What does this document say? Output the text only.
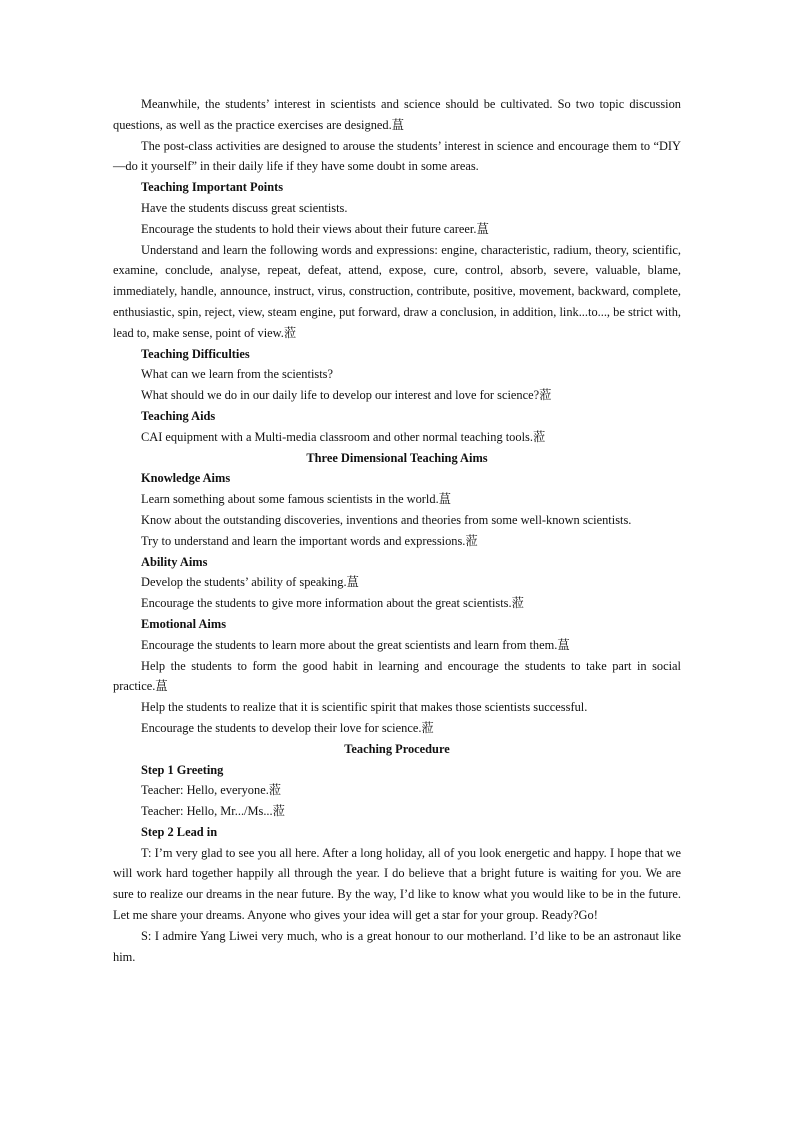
Meanwhile, the students’ interest in scientists and science should be cultivated. So two topic discussion questions, as well as the practice exercises are designed.蒀

The post-class activities are designed to arouse the students’ interest in science and encourage them to “DIY—do it yourself” in their daily life if they have some doubt in some areas.

Teaching Important Points

Have the students discuss great scientists.

Encourage the students to hold their views about their future career.蒀

Understand and learn the following words and expressions: engine, characteristic, radium, theory, scientific, examine, conclude, analyse, repeat, defeat, attend, expose, cure, control, absorb, severe, valuable, blame, immediately, handle, announce, instruct, virus, construction, contribute, positive, movement, backward, complete, enthusiastic, spin, reject, view, steam engine, put forward, draw a conclusion, in addition, link...to..., be strict with, lead to, make sense, point of view.蒞

Teaching Difficulties

What can we learn from the scientists?

What should we do in our daily life to develop our interest and love for science?蒞

Teaching Aids

CAI equipment with a Multi-media classroom and other normal teaching tools.蒞

Three Dimensional Teaching Aims

Knowledge Aims

Learn something about some famous scientists in the world.蒀

Know about the outstanding discoveries, inventions and theories from some well-known scientists.

Try to understand and learn the important words and expressions.蒞

Ability Aims

Develop the students’ ability of speaking.蒀

Encourage the students to give more information about the great scientists.蒞

Emotional Aims

Encourage the students to learn more about the great scientists and learn from them.蒀

Help the students to form the good habit in learning and encourage the students to take part in social practice.蒀

Help the students to realize that it is scientific spirit that makes those scientists successful.

Encourage the students to develop their love for science.蒞

Teaching Procedure

Step 1 Greeting

Teacher: Hello, everyone.蒞

Teacher: Hello, Mr.../Ms...蒞

Step 2 Lead in

T: I’m very glad to see you all here. After a long holiday, all of you look energetic and happy. I hope that we will work hard together happily all through the year. I do believe that a bright future is waiting for you. We are sure to realize our dreams in the near future. By the way, I’d like to know what you would like to be in the future. Let me share your dreams. Anyone who gives your idea will get a star for your group. Ready?Go!

S: I admire Yang Liwei very much, who is a great honour to our motherland. I’d like to be an astronaut like him.
